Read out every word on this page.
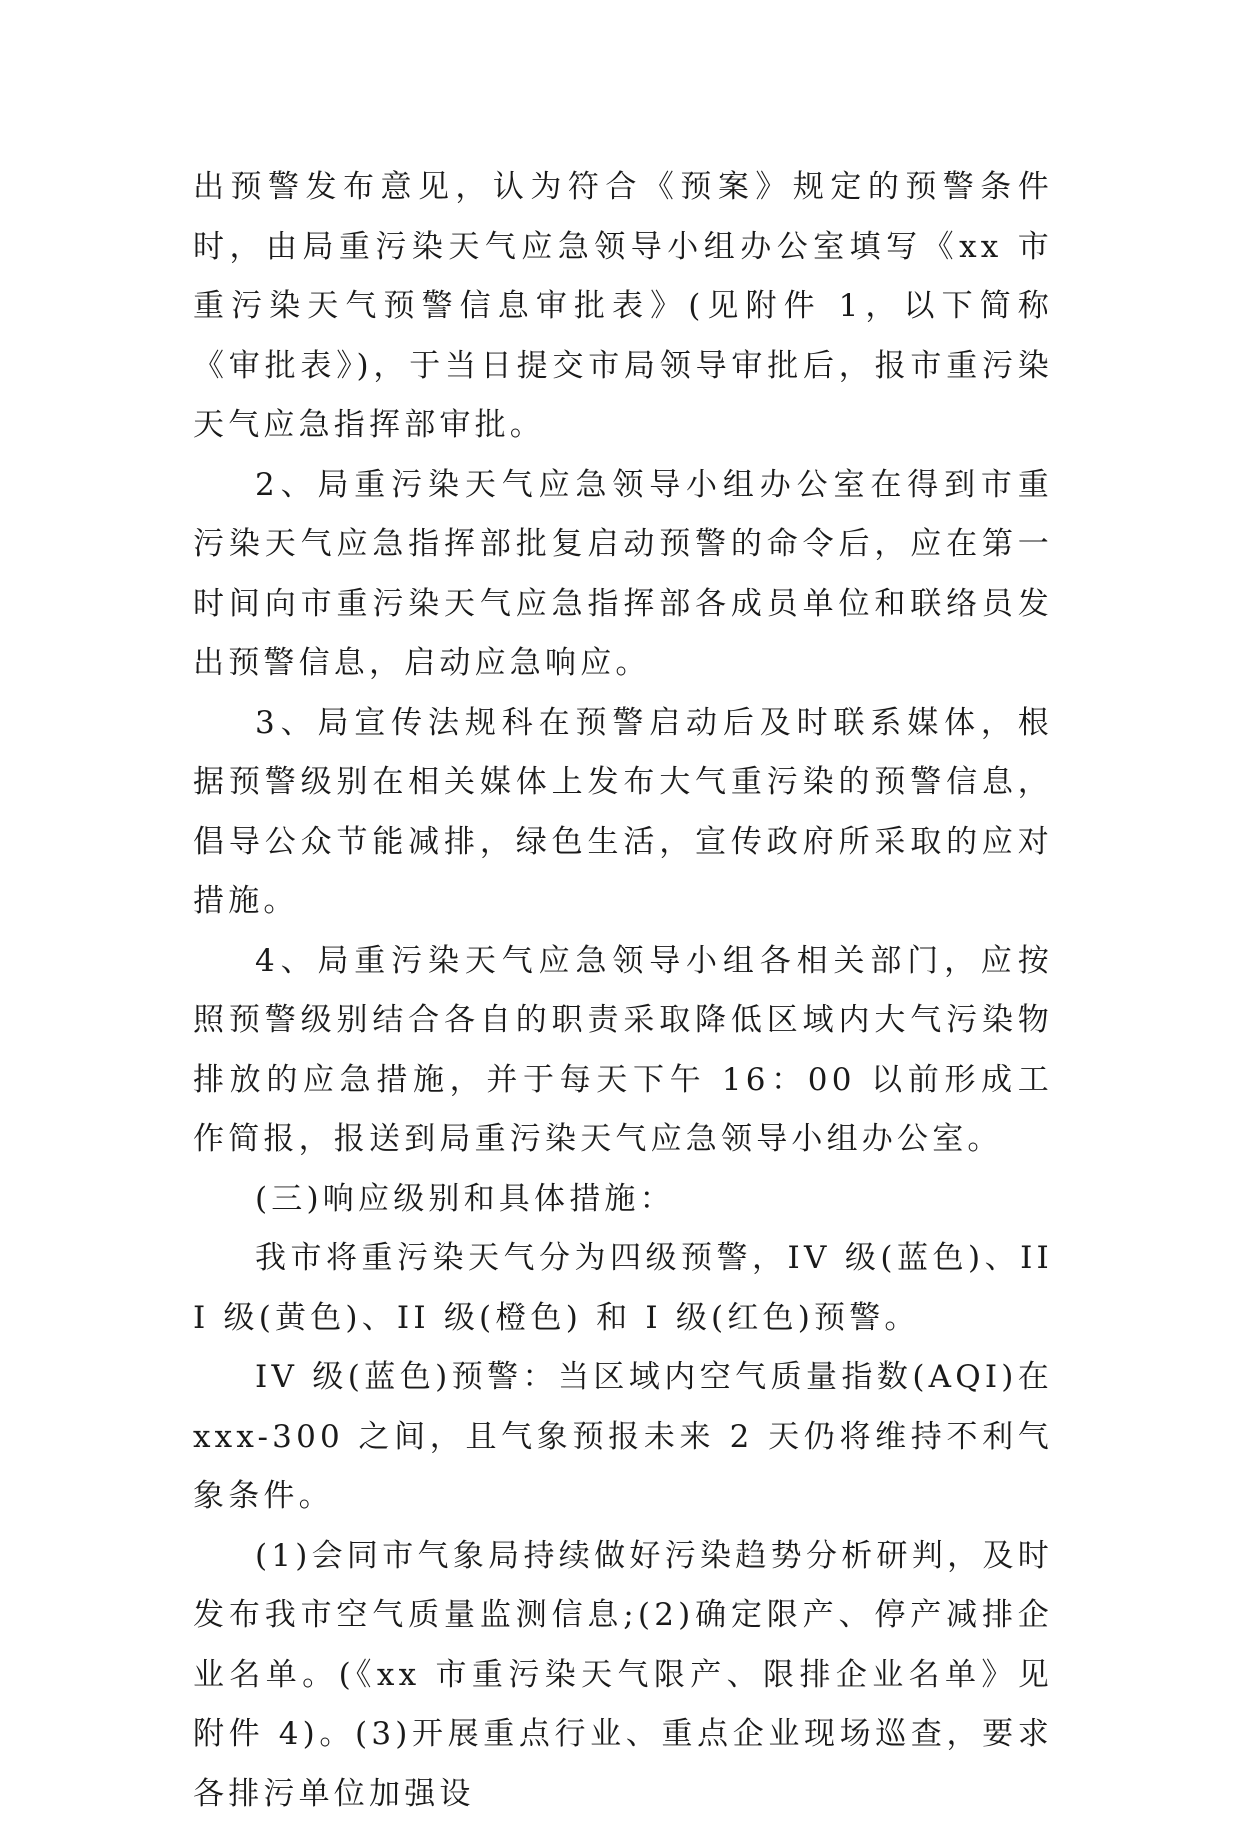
出预警发布意见，认为符合《预案》规定的预警条件时，由局重污染天气应急领导小组办公室填写《xx 市重污染天气预警信息审批表》(见附件 1，以下简称《审批表》)，于当日提交市局领导审批后，报市重污染天气应急指挥部审批。

2、局重污染天气应急领导小组办公室在得到市重污染天气应急指挥部批复启动预警的命令后，应在第一时间向市重污染天气应急指挥部各成员单位和联络员发出预警信息，启动应急响应。

3、局宣传法规科在预警启动后及时联系媒体，根据预警级别在相关媒体上发布大气重污染的预警信息，倡导公众节能减排，绿色生活，宣传政府所采取的应对措施。

4、局重污染天气应急领导小组各相关部门，应按照预警级别结合各自的职责采取降低区域内大气污染物排放的应急措施，并于每天下午 16：00 以前形成工作简报，报送到局重污染天气应急领导小组办公室。

(三)响应级别和具体措施：

我市将重污染天气分为四级预警，IV 级(蓝色)、III 级(黄色)、II 级(橙色) 和 I 级(红色)预警。

IV 级(蓝色)预警：当区域内空气质量指数(AQI)在xxx-300 之间，且气象预报未来 2 天仍将维持不利气象条件。

(1)会同市气象局持续做好污染趋势分析研判，及时发布我市空气质量监测信息;(2)确定限产、停产减排企业名单。(《xx 市重污染天气限产、限排企业名单》见附件 4)。(3)开展重点行业、重点企业现场巡查，要求各排污单位加强设
